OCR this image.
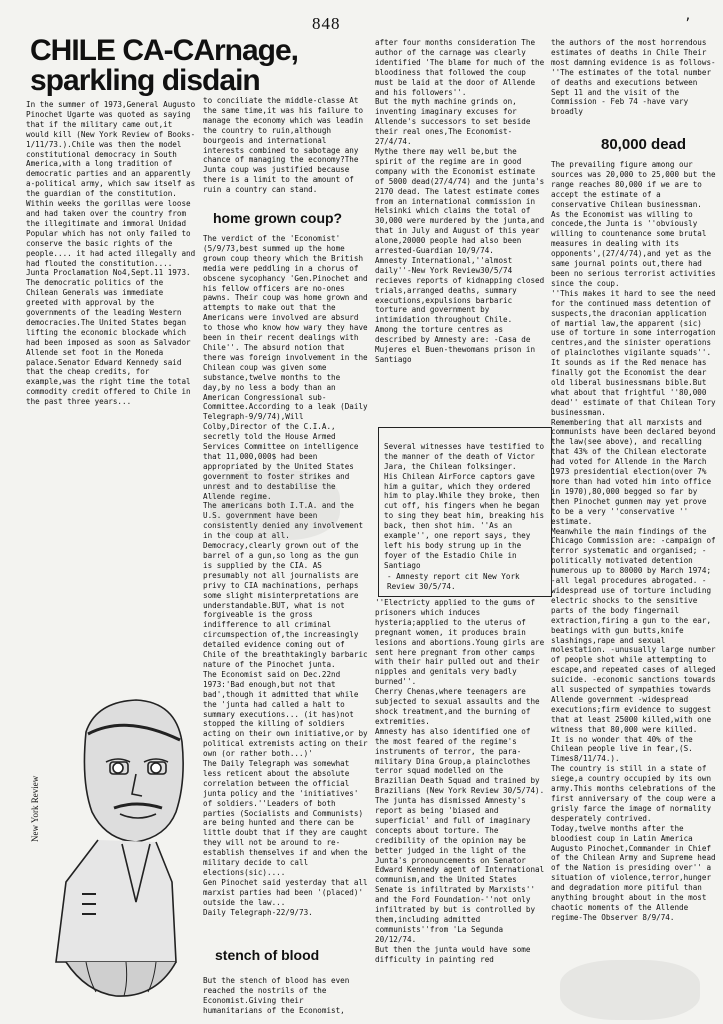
848	’
CHILE CA-CArnage, sparkling disdain
In the summer of 1973,General Augusto Pinochet Ugarte was quoted as saying that if the military came out,it would kill (New York Review of Books-1/11/73.).Chile was then the model constitutional democracy in South America,with a long tradition of democratic parties and an apparently a-political army, which saw itself as the guardian of the constitution.
Within weeks the gorillas were loose and had taken over the country from the illegitimate and immoral Unidad Popular which has not only failed to conserve the basic rights of the people.... it had acted illegally and had flouted the constitution....
Junta Proclamation No4,Sept.11 1973.
The democratic politics of the Chilean Generals was immediate greeted with approval by the governments of the leading Western democracies.The United States began lifting the economic blockade which had been imposed as soon as Salvador Allende set foot in the Moneda palace.Senator Edward Kennedy said that the cheap credits, for example,was the right time the total commodity credit offered to Chile in the past three years...
to conciliate the middle-classe At the same time,it was his failure to manage the economy which was leadin the country to ruin,although bourgeois and international interests combined to sabotage any chance of managing the economy?The Junta coup was justified because there is a limit to the amount of ruin a country can stand.
home grown coup?
The verdict of the 'Economist' (5/9/73,best summed up the home grown coup theory which the British media were peddling in a chorus of obscene sycophancy 'Gen.Pinochet and his fellow officers are no-ones pawns. Their coup was home grown and attempts to make out that the Americans were involved are absurd to those who know how wary they have been in their recent dealings with Chile''. The absurd notion that there was foreign involvement in the Chilean coup was given some substance,twelve months to the day,by no less a body than an American Congressional sub-Committee.According to a leak (Daily Telegraph-9/9/74),Will Colby,Director of the C.I.A., secretly told the House Armed Services Committee on intelligence that 11,000,000$ had been appropriated by the United States government to foster strikes and unrest and to destabilise the Allende regime.
The americans both I.T.A. and the U.S. government have been consistently denied any involvement in the coup at all. Democracy,clearly grown out of the barrel of a gun,so long as the gun is supplied by the CIA. AS presumably not all journalists are privy to CIA machinations, perhaps some slight misinterpretations are understandable.BUT, what is not forgiveable is the gross indifference to all criminal circumspection of,the increasingly detailed evidence coming out of Chile of the breathtakingly barbaric nature of the Pinochet junta.
The Economist said on Dec.22nd 1973:'Bad enough,but not that bad',though it admitted that while the 'junta had called a halt to summary executions... (it has)not stopped the killing of soldiers acting on their own initiative,or by political extremists acting on their own (or rather both...)'
The Daily Telegraph was somewhat less reticent about the absolute correlation between the official junta policy and the 'initiatives' of soldiers.''Leaders of both parties (Socialists and Communists) are being hunted and there can be little doubt that if they are caught they will not be around to re-establish themselves if and when the military decide to call elections(sic)....
Gen Pinochet said yesterday that all marxist parties had been '(placed)' outside the law...
Daily Telegraph-22/9/73.
stench of blood
But the stench of blood has even reached the nostrils of the Economist.Giving their humanitarians of the Economist,
after four months consideration The author of the carnage was clearly identified 'The blame for much of the bloodiness that followed the coup must be laid at the door of Allende and his followers''.
But the myth machine grinds on, inventing imaginary excuses for Allende's successors to set beside their real ones,The Economist-27/4/74.
Mythe there may well be,but the spirit of the regime are in good company with the Economist estimate of 5000 dead(27/4/74) and the junta's 2170 dead. The latest estimate comes from an international commission in Helsinki which claims the total of 30,000 were murdered by the junta,and that in July and August of this year alone,20000 people had also been arrested-Guardian 10/9/74.
Amnesty International,''almost daily''-New York Review30/5/74 recieves reports of kidnapping closed trials,arranged deaths, summary executions,expulsions barbaric torture and government by intimidation throughout Chile.
Among the torture centres as described by Amnesty are: -Casa de Mujeres el Buen-thewomans prison in Santiago

Several witnesses have testified to the manner of the death of Victor Jara, the Chilean folksinger.
His Chilean AirForce captors gave him a guitar, which they ordered him to play.While they broke, then cut off, his fingers when he began to sing they beat him, breaking his back, then shot him. ''As an example'', one report says, they left his body strung up in the foyer of the Estadio Chile in Santiago

- Amnesty report cit New York Review 30/5/74.

''Electricty applied to the gums of prisoners which induces hysteria;applied to the uterus of pregnant women, it produces brain lesions and abortions.Young girls are sent here pregnant from other camps with their hair pulled out and their nipples and genitals very badly burned''.
Cherry Chenas,where teenagers are subjected to sexual assaults and the shock treatment,and the burning of extremities.
Amnesty has also identified one of the most feared of the regime's instruments of terror, the para-military Dina Group,a plainclothes terror squad modelled on the Brazilian Death Squad and trained by Brazilians (New York Review 30/5/74).
The junta has dismissed Amnesty's report as being 'biased and superficial' and full of imaginary concepts about torture. The credibility of the opinion may be better judged in the light of the Junta's pronouncements on Senator Edward Kennedy agent of International communism,and the United States Senate is infiltrated by Marxists'' and the Ford Foundation-''not only infiltrated by but is controlled by them,including admitted communists''from 'La Segunda 20/12/74.
But then the junta would have some difficulty in painting red
the authors of the most horrendous estimates of deaths in Chile Their most damning evidence is as follows-''The estimates of the total number of deaths and executions between Sept 11 and the visit of the Commission - Feb 74 -have vary broadly
80,000 dead
The prevailing figure among our sources was 20,000 to 25,000 but the range reaches 80,000 if we are to accept the estimate of a conservative Chilean businessman.
As the Economist was willing to concede,the Junta is ''obviously willing to countenance some brutal measures in dealing with its opponents',(27/4/74),and yet as the same journal points out,there had been no serious terrorist activities since the coup.
''This makes it hard to see the need for the continued mass detention of suspects,the draconian application of martial law,the apparent (sic) use of torture in some interrogation centres,and the sinister operations of plainclothes vigilante squads''.
It sounds as if the Red menace has finally got the Economist the dear old liberal businessmans bible.But what about that frightful ''80,000 dead'' estimate of that Chilean Tory businessman.
Remembering that all marxists and communists have been declared beyond the law(see above), and recalling that 43% of the Chilean electorate had voted for Allende in the March 1973 presidential election(over 7% more than had voted him into office in 1970),80,000 begged so far by then Pinochet gunmen may yet prove to be a very ''conservative '' estimate.
Meanwhile the main findings of the Chicago Commission are: -campaign of terror systematic and organised; -politically motivated detention numerous up to 80000 by March 1974; -all legal procedures abrogated. -widespread use of torture including electric shocks to the sensitive parts of the body fingernail extraction,firing a gun to the ear, beatings with gun butts,knife slashings,rape and sexual molestation. -unusually large number of people shot while attempting to escape,and repeated cases of alleged suicide. -economic sanctions towards all suspected of sympathies towards Allende government -widespread executions;firm evidence to suggest that at least 25000 killed,with one witness that 80,000 were killed.
It is no wonder that 40% of the Chilean people live in fear,(S. Times8/11/74.).
The country is still in a state of siege,a country occupied by its own army.This months celebrations of the first anniversary of the coup were a grisly farce the image of normality desperately contrived.
Today,twelve months after the bloodiest coup in Latin America Augusto Pinochet,Commander in Chief of the Chilean Army and Supreme head of the Nation is presiding over'' a situation of violence,terror,hunger and degradation more pitiful than anything brought about in the most chaotic moments of the Allende regime-The Observer 8/9/74.
New York Review
